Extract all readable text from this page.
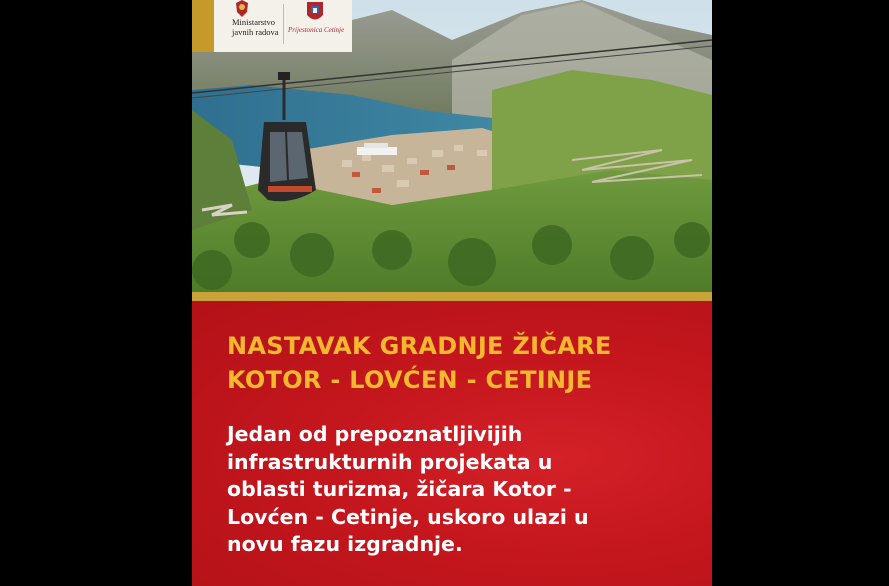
Ministarstvo
javnih radova	Prijestonica Cetinje
NASTAVAK GRADNJE ŽIČARE
KOTOR - LOVĆEN - CETINJE
Jedan od prepoznatljivijih
infrastrukturnih projekata u
oblasti turizma, žičara Kotor -
Lovćen - Cetinje, uskoro ulazi u
novu fazu izgradnje.
